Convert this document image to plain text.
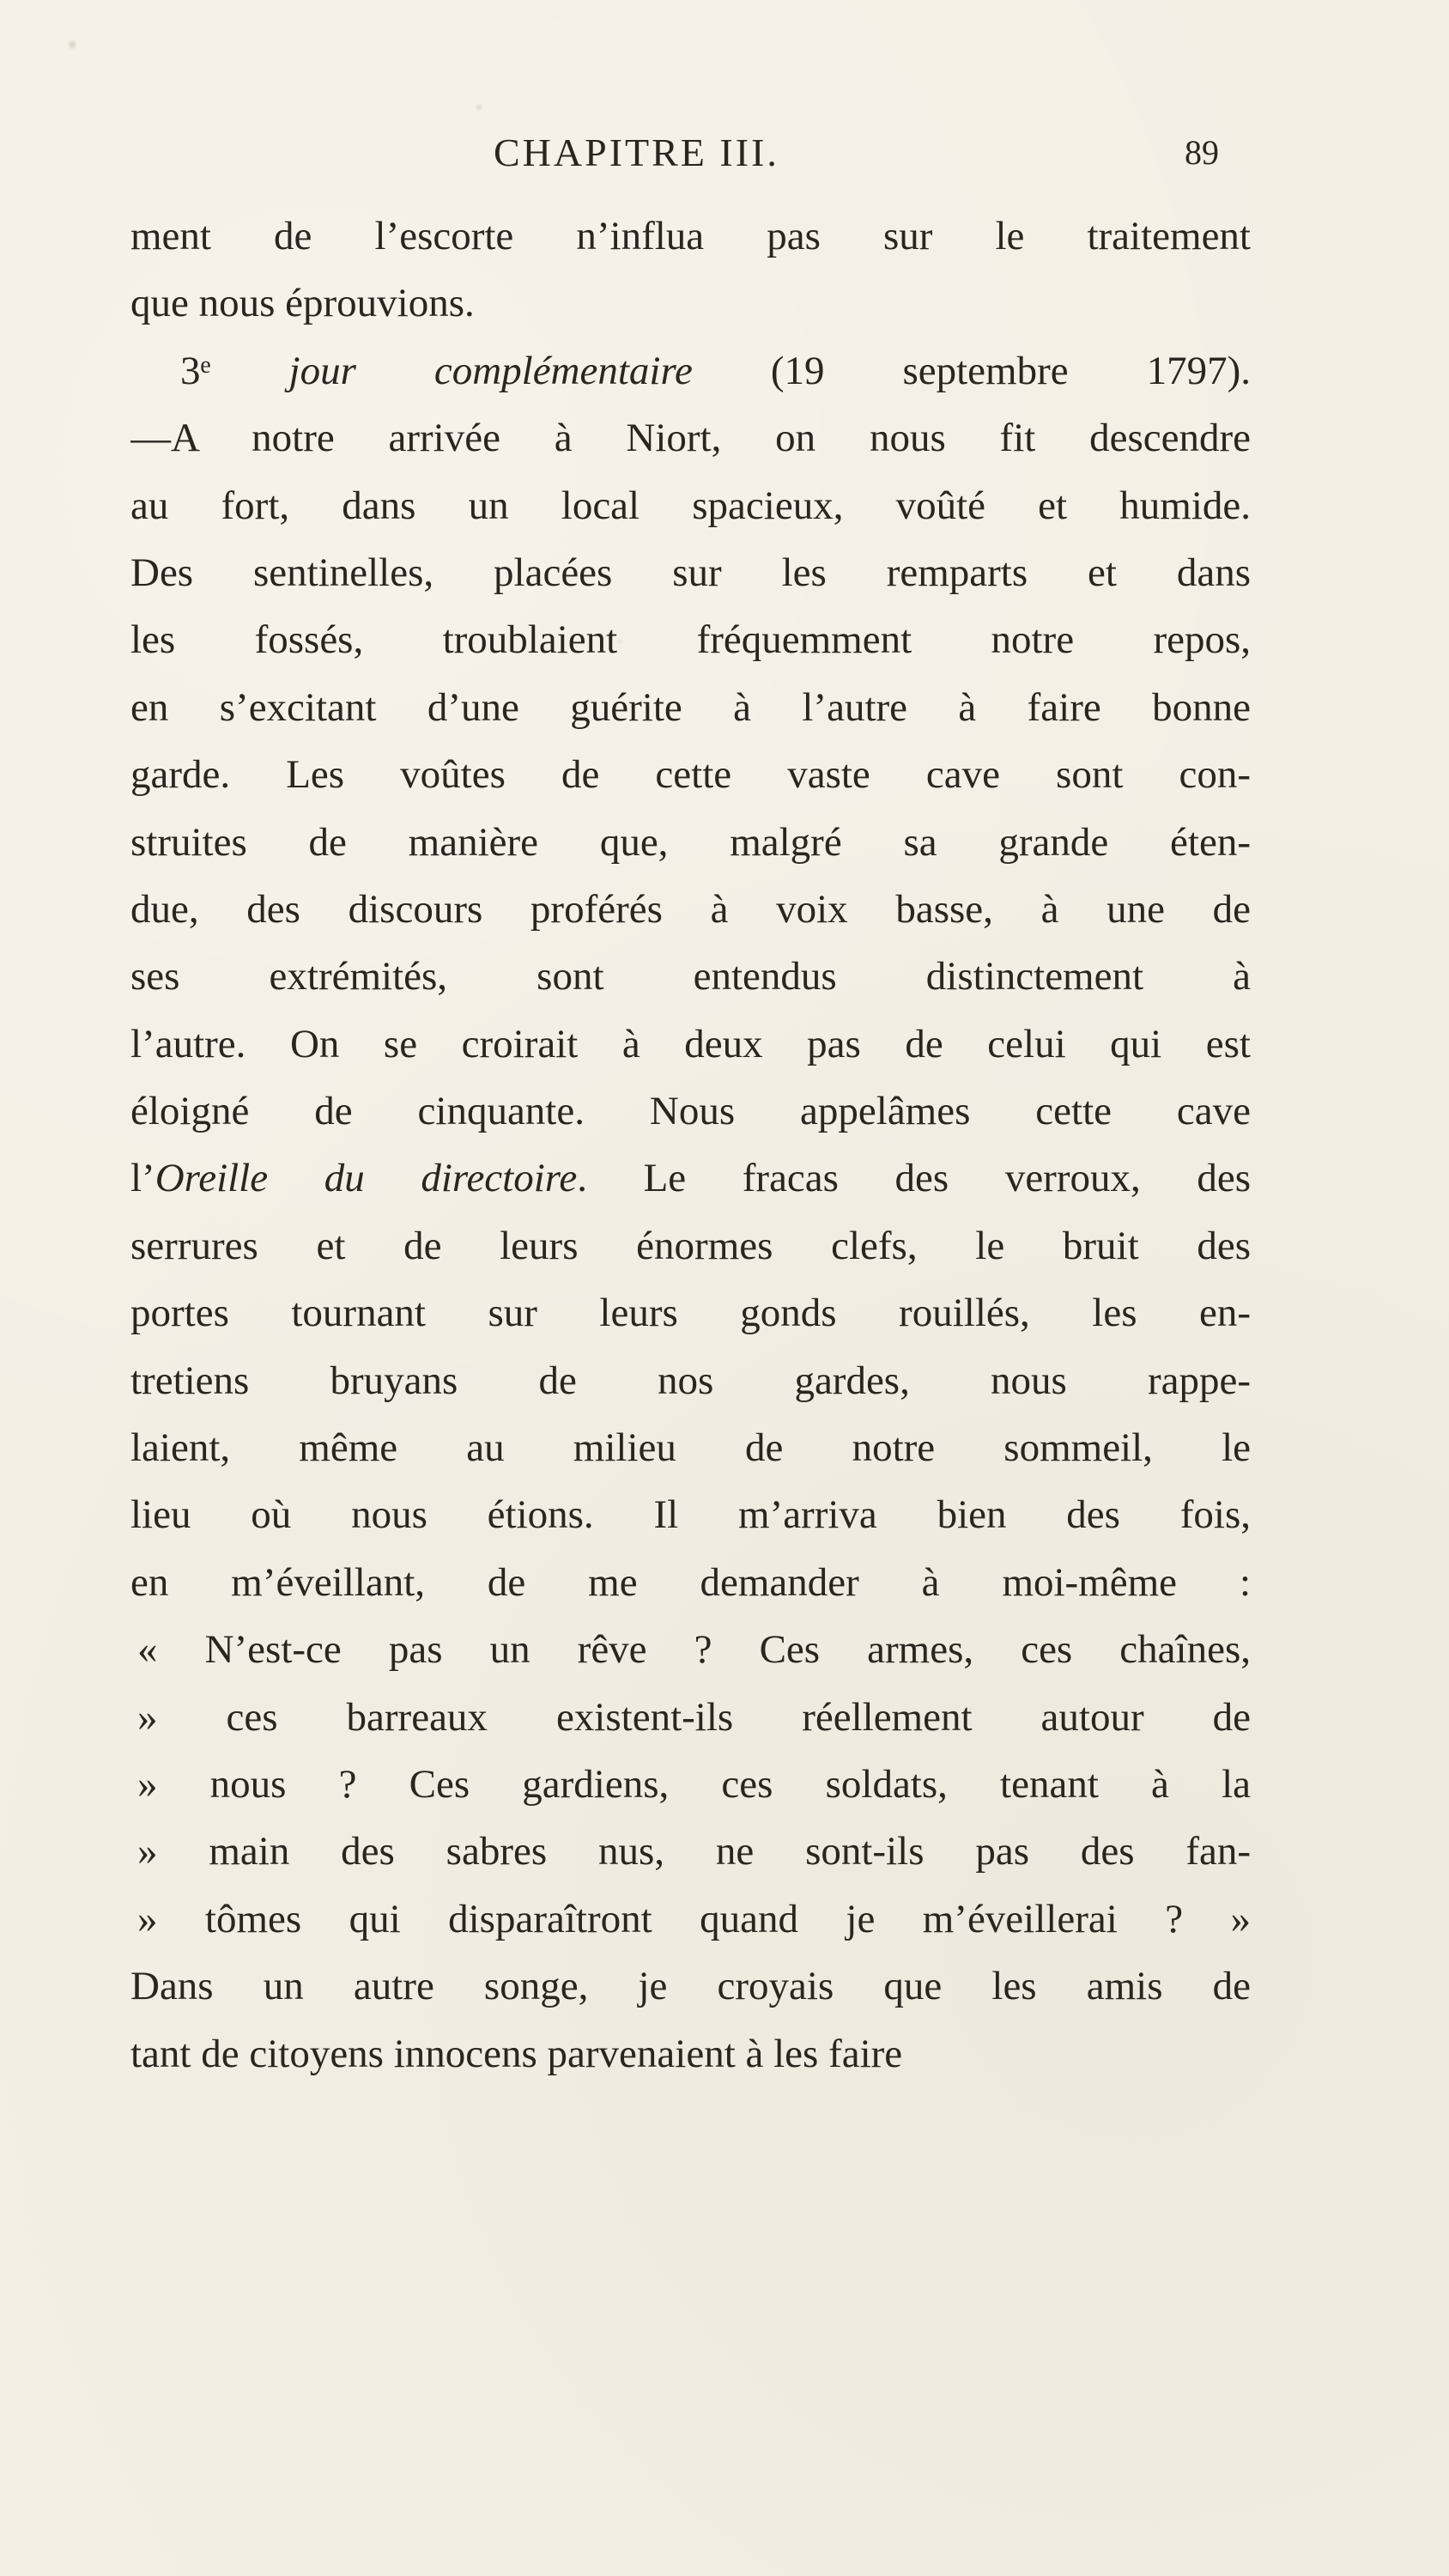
CHAPITRE III.	89
ment de l’escorte n’influa pas sur le traitement
que nous éprouvions.
3ᵉ jour complémentaire (19 septembre 1797).
—A notre arrivée à Niort, on nous fit descendre
au fort, dans un local spacieux, voûté et humide.
Des sentinelles, placées sur les remparts et dans
les fossés, troublaient fréquemment notre repos,
en s’excitant d’une guérite à l’autre à faire bonne
garde. Les voûtes de cette vaste cave sont con-
struites de manière que, malgré sa grande éten-
due, des discours proférés à voix basse, à une de
ses extrémités, sont entendus distinctement à
l’autre. On se croirait à deux pas de celui qui est
éloigné de cinquante. Nous appelâmes cette cave
l’Oreille du directoire. Le fracas des verroux, des
serrures et de leurs énormes clefs, le bruit des
portes tournant sur leurs gonds rouillés, les en-
tretiens bruyans de nos gardes, nous rappe-
laient, même au milieu de notre sommeil, le
lieu où nous étions. Il m’arriva bien des fois,
en m’éveillant, de me demander à moi-même :
« N’est-ce pas un rêve ? Ces armes, ces chaînes,
» ces barreaux existent-ils réellement autour de
» nous ? Ces gardiens, ces soldats, tenant à la
» main des sabres nus, ne sont-ils pas des fan-
» tômes qui disparaîtront quand je m’éveillerai ? »
Dans un autre songe, je croyais que les amis de
tant de citoyens innocens parvenaient à les faire
